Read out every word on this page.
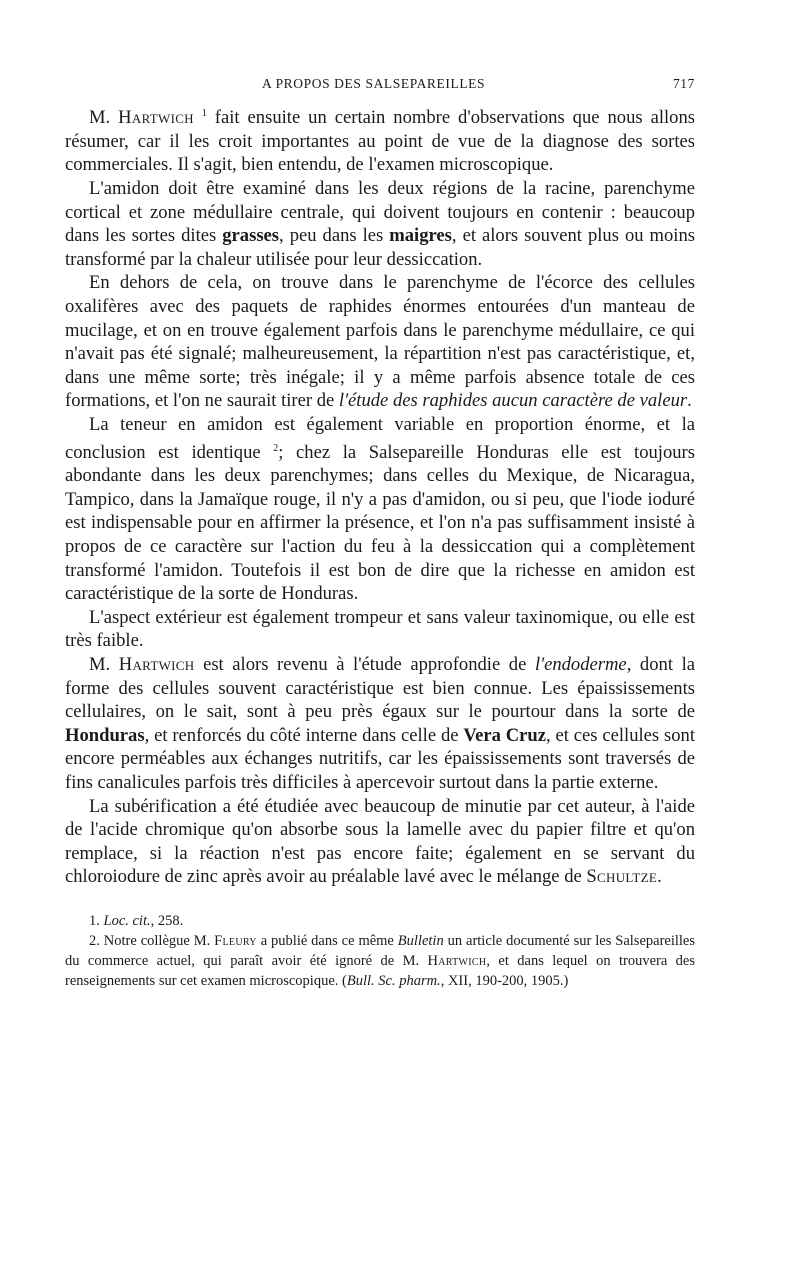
A PROPOS DES SALSEPAREILLES	717

M. Hartwich $^1$ fait ensuite un certain nombre d'observations que nous allons résumer, car il les croit importantes au point de vue de la diagnose des sortes commerciales. Il s'agit, bien entendu, de l'examen microscopique.

L'amidon doit être examiné dans les deux régions de la racine, parenchyme cortical et zone médullaire centrale, qui doivent toujours en contenir : beaucoup dans les sortes dites grasses, peu dans les maigres, et alors souvent plus ou moins transformé par la chaleur utilisée pour leur dessiccation.

En dehors de cela, on trouve dans le parenchyme de l'écorce des cellules oxalifères avec des paquets de raphides énormes entourées d'un manteau de mucilage, et on en trouve également parfois dans le parenchyme médullaire, ce qui n'avait pas été signalé; malheureusement, la répartition n'est pas caractéristique, et, dans une même sorte; très inégale; il y a même parfois absence totale de ces formations, et l'on ne saurait tirer de l'étude des raphides aucun caractère de valeur.

La teneur en amidon est également variable en proportion énorme, et la conclusion est identique $^2$; chez la Salsepareille Honduras elle est toujours abondante dans les deux parenchymes; dans celles du Mexique, de Nicaragua, Tampico, dans la Jamaïque rouge, il n'y a pas d'amidon, ou si peu, que l'iode ioduré est indispensable pour en affirmer la présence, et l'on n'a pas suffisamment insisté à propos de ce caractère sur l'action du feu à la dessiccation qui a complètement transformé l'amidon. Toutefois il est bon de dire que la richesse en amidon est caractéristique de la sorte de Honduras.

L'aspect extérieur est également trompeur et sans valeur taxinomique, ou elle est très faible.

M. Hartwich est alors revenu à l'étude approfondie de l'endoderme, dont la forme des cellules souvent caractéristique est bien connue. Les épaississements cellulaires, on le sait, sont à peu près égaux sur le pourtour dans la sorte de Honduras, et renforcés du côté interne dans celle de Vera Cruz, et ces cellules sont encore perméables aux échanges nutritifs, car les épaississements sont traversés de fins canalicules parfois très difficiles à apercevoir surtout dans la partie externe.

La subérification a été étudiée avec beaucoup de minutie par cet auteur, à l'aide de l'acide chromique qu'on absorbe sous la lamelle avec du papier filtre et qu'on remplace, si la réaction n'est pas encore faite; également en se servant du chloroiodure de zinc après avoir au préalable lavé avec le mélange de Schultze.

1. Loc. cit., 258.

2. Notre collègue M. Fleury a publié dans ce même Bulletin un article documenté sur les Salsepareilles du commerce actuel, qui paraît avoir été ignoré de M. Hartwich, et dans lequel on trouvera des renseignements sur cet examen microscopique. (Bull. Sc. pharm., XII, 190-200, 1905.)
